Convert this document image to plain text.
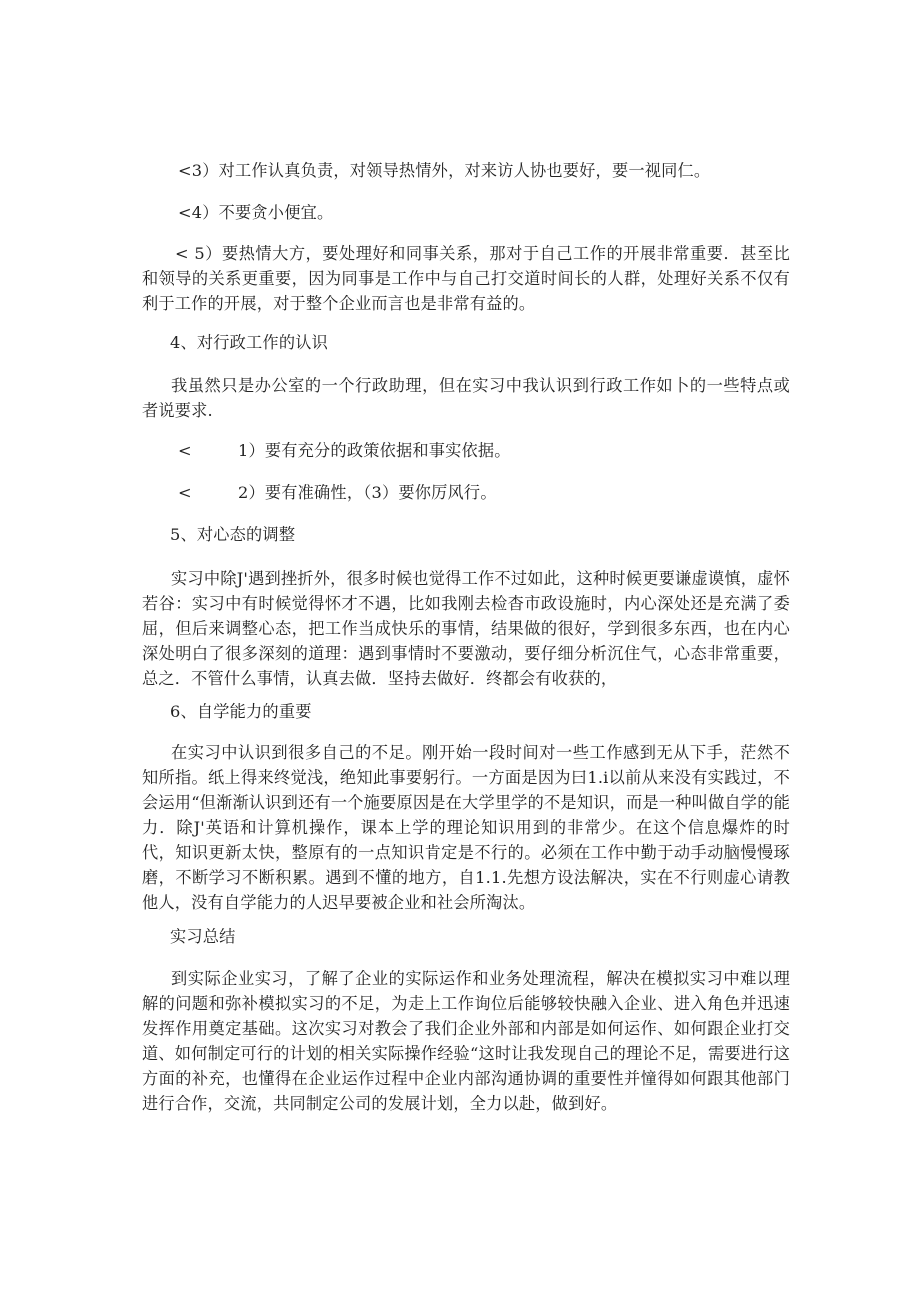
<3）对工作认真负责，对领导热情外，对来访人协也要好，要一视同仁。
<4）不要贪小便宜。
< 5）要热情大方，要处理好和同事关系，那对于自己工作的开展非常重要．甚至比和领导的关系更重要，因为同事是工作中与自己打交道时间长的人群，处理好关系不仅有利于工作的开展，对于整个企业而言也是非常有益的。
4、对行政工作的认识
我虽然只是办公室的一个行政助理，但在实习中我认识到行政工作如卜的一些特点或者说要求.
<	1）要有充分的政策依据和事实依据。
<	2）要有准确性，（3）要你厉风行。
5、对心态的调整
实习中除J'遇到挫折外，很多时候也觉得工作不过如此，这种时候更要谦虚谟慎，虚怀若谷：实习中有时候觉得怀才不遇，比如我刚去检杳市政设施时，内心深处还是充满了委屈，但后来调整心态，把工作当成快乐的事情，结果做的很好，学到很多东西，也在内心深处明白了很多深刻的道理：遇到事情时不要激动，要仔细分析沉住气，心态非常重要，总之．不管什么事情，认真去做．坚持去做好．终都会有收获的，
6、自学能力的重要
在实习中认识到很多自己的不足。刚开始一段时间对一些工作感到无从下手，茫然不知所指。纸上得来终觉浅，绝知此事要躬行。一方面是因为曰1.i以前从来没有实践过，不会运用“但渐渐认识到还有一个施要原因是在大学里学的不是知识，而是一种叫做自学的能力．除J'英语和计算机操作，课本上学的理论知识用到的非常少。在这个信息爆炸的时代，知识更新太快，整原有的一点知识肯定是不行的。必须在工作中勤于动手动脑慢慢琢磨，不断学习不断积累。遇到不懂的地方，自1.1.先想方设法解决，实在不行则虚心请教他人，没有自学能力的人迟早要被企业和社会所淘汰。
实习总结
到实际企业实习，了解了企业的实际运作和业务处理流程，解决在模拟实习中难以理解的问题和弥补模拟实习的不足，为走上工作询位后能够较快融入企业、进入角色并迅速发挥作用奠定基础。这次实习对教会了我们企业外部和内部是如何运作、如何跟企业打交道、如何制定可行的计划的相关实际操作经验“这时让我发现自己的理论不足，需要进行这方面的补充，也懂得在企业运作过程中企业内部沟通协调的重要性并憧得如何跟其他部门进行合作，交流，共同制定公司的发展计划，全力以赴，做到好。
